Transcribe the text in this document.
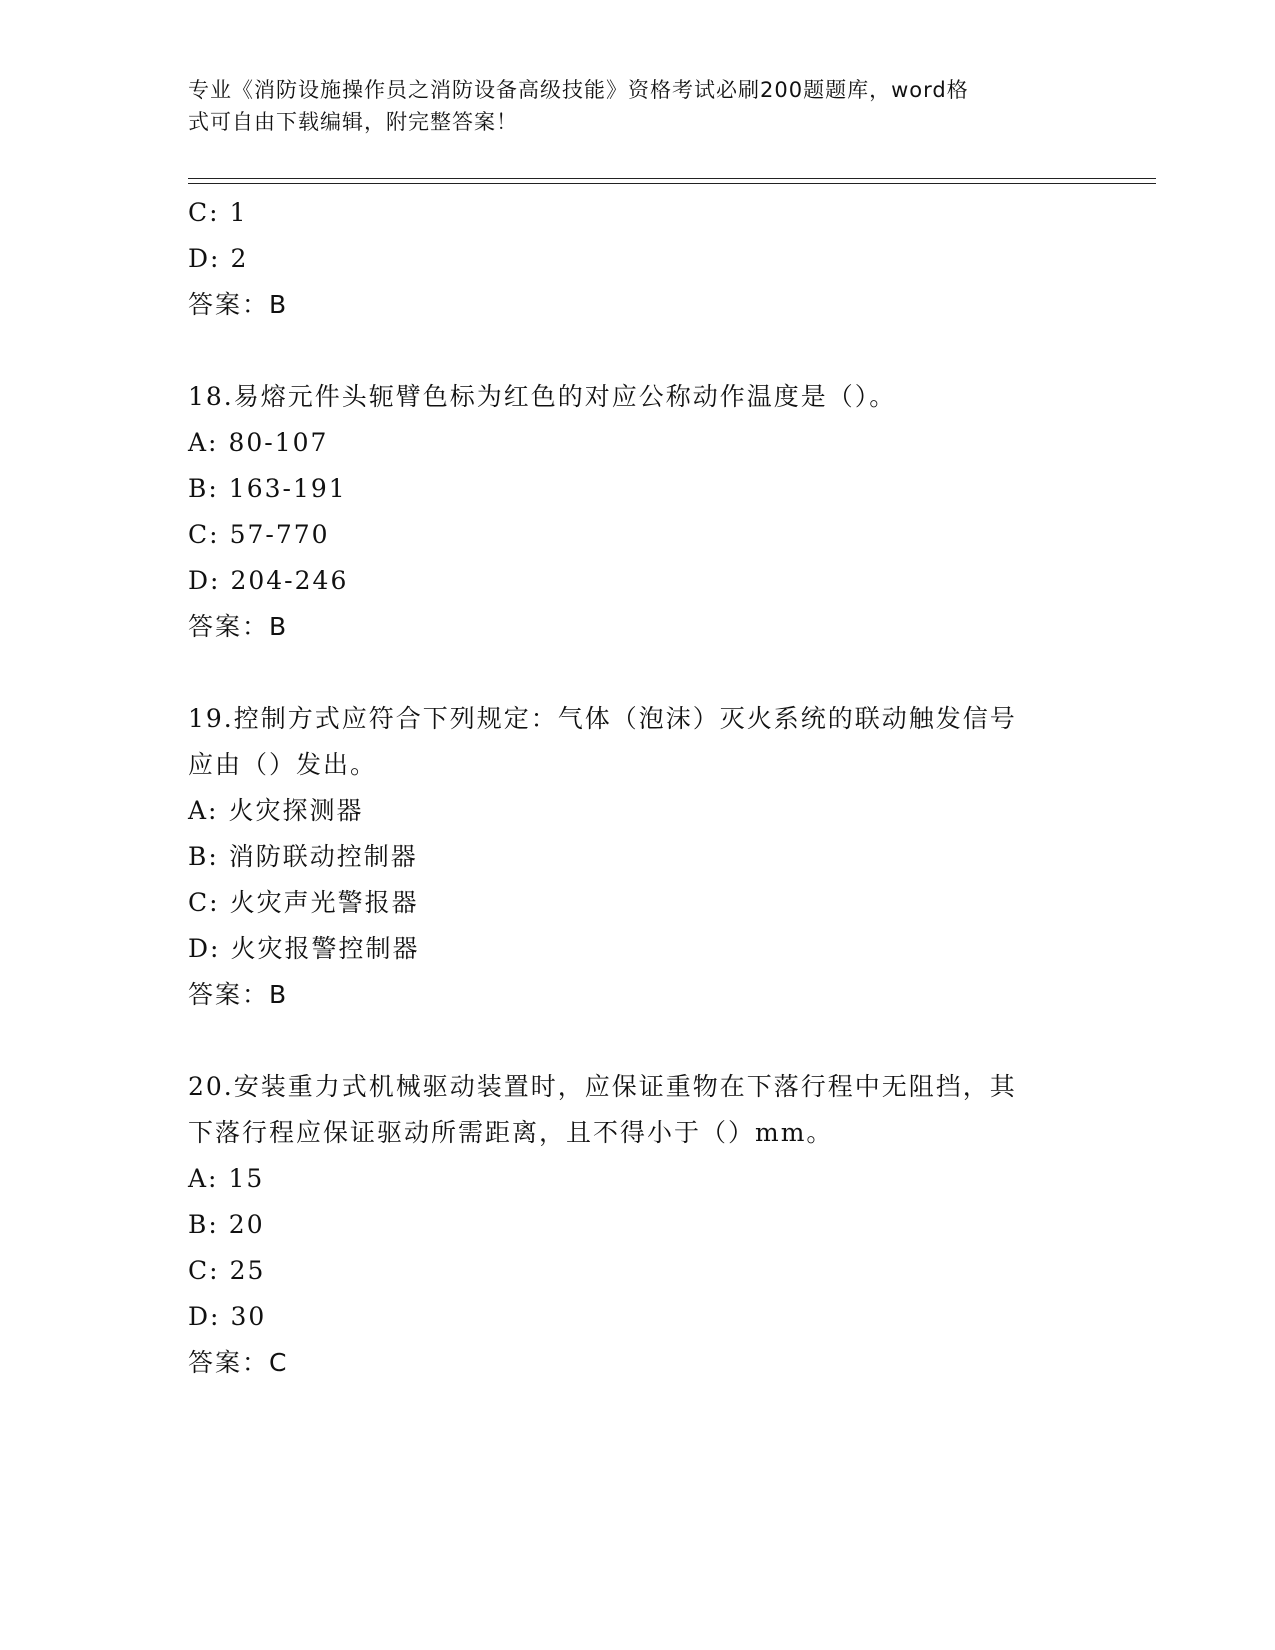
专业《消防设施操作员之消防设备高级技能》资格考试必刷200题题库，word格
式可自由下载编辑，附完整答案！
C: 1
D: 2
答案：B
18.易熔元件头轭臂色标为红色的对应公称动作温度是（）。
A: 80-107
B: 163-191
C: 57-770
D: 204-246
答案：B
19.控制方式应符合下列规定：气体（泡沫）灭火系统的联动触发信号
应由（）发出。
A: 火灾探测器
B: 消防联动控制器
C: 火灾声光警报器
D: 火灾报警控制器
答案：B
20.安装重力式机械驱动装置时，应保证重物在下落行程中无阻挡，其
下落行程应保证驱动所需距离，且不得小于（）mm。
A: 15
B: 20
C: 25
D: 30
答案：C
